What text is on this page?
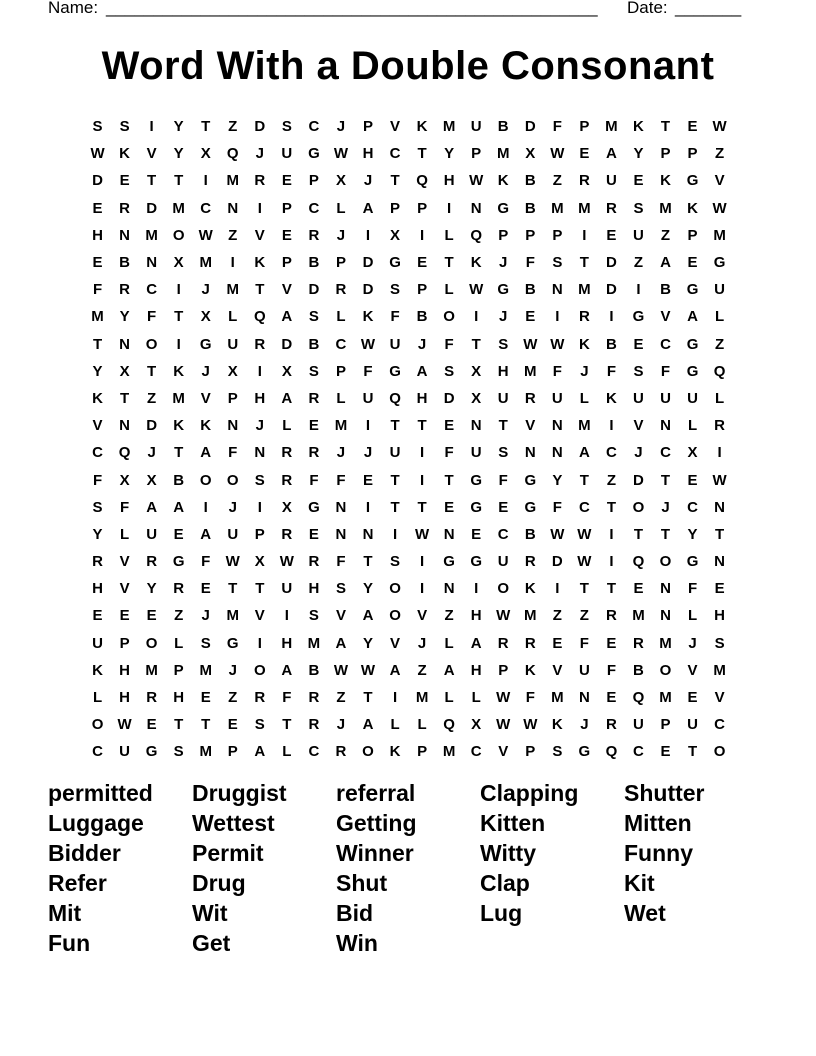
Name: ____________________________________________________ Date: _______
Word With a Double Consonant
S	S	I	Y	T	Z	D	S	C	J	P	V	K	M	U	B	D	F	P	M	K	T	E W
W K	V	Y	X	Q	J	U	G W H	C	T	Y	P	M	X W E	A	Y	P	P	Z
D	E	T	T	I	M	R	E	P	X	J	T	Q	H W K	B	Z	R	U	E	K	G	V
E	R	D	M	C	N	I	P	C	L	A	P	P	I	N	G	B	M M	R	S	M	K W
H	N	M O W	Z	V	E	R	J	I	X	I	L	Q	P	P	P	I	E	U	Z	P	M
E	B	N	X	M	I	K	P	B	P	D	G	E	T	K	J	F	S	T	D	Z	A	E	G
F	R	C	I	J	M	T	V	D	R	D	S	P	L	W G	B	N	M	D	I	B	G	U
M	Y	F	T	X	L	Q	A	S	L	K	F	B	O	I	J	E	I	R	I	G	V	A	L
T	N	O	I	G	U	R	D	B	C W U	J	F	T	S W W K	B	E	C	G	Z
Y	X	T	K	J	X	I	X	S	P	F	G	A	S	X	H	M	F	J	F	S	F	G	Q
K	T	Z	M	V	P	H	A	R	L	U	Q	H	D	X	U	R	U	L	K	U	U	U	L
V	N	D	K	K	N	J	L	E	M	I	T	T	E	N	T	V	N	M	I	V	N	L	R
C	Q	J	T	A	F	N	R	R	J	J	U	I	F	U	S	N	N	A	C	J	C	X	I
F	X	X	B	O	O	S	R	F	F	E	T	I	T	G	F	G	Y	T	Z	D	T	E W
S	F	A	A	I	J	I	X	G	N	I	T	T	E	G	E	G	F	C	T	O	J	C	N
Y	L	U	E	A	U	P	R	E	N	N	I	W N	E	C	B W W	I	T	T	Y	T
R	V	R	G	F	W X W R	F	T	S	I	G	G	U	R	D W	I	Q	O	G	N
H	V	Y	R	E	T	T	U	H	S	Y	O	I	N	I	O	K	I	T	T	E	N	F	E
E	E	E	Z	J	M	V	I	S	V	A	O	V	Z	H W M	Z	Z	R	M	N	L	H
U	P	O	L	S	G	I	H	M	A	Y	V	J	L	A	R	R	E	F	E	R	M	J	S
K	H	M	P	M	J	O	A	B W W A	Z	A	H	P	K	V	U	F	B	O	V	M
L	H	R	H	E	Z	R	F	R	Z	T	I	M	L	L	W	F	M	N	E	Q M	E	V
O W E	T	T	E	S	T	R	J	A	L	L	Q	X W W K	J	R	U	P	U	C
C	U	G	S	M	P	A	L	C	R	O	K	P	M	C	V	P	S	G	Q	C	E	T	O
permitted	Druggist	referral	Clapping	Shutter
Luggage	Wettest	Getting	Kitten	Mitten
Bidder	Permit	Winner	Witty	Funny
Refer	Drug	Shut	Clap	Kit
Mit	Wit	Bid	Lug	Wet
Fun	Get	Win
